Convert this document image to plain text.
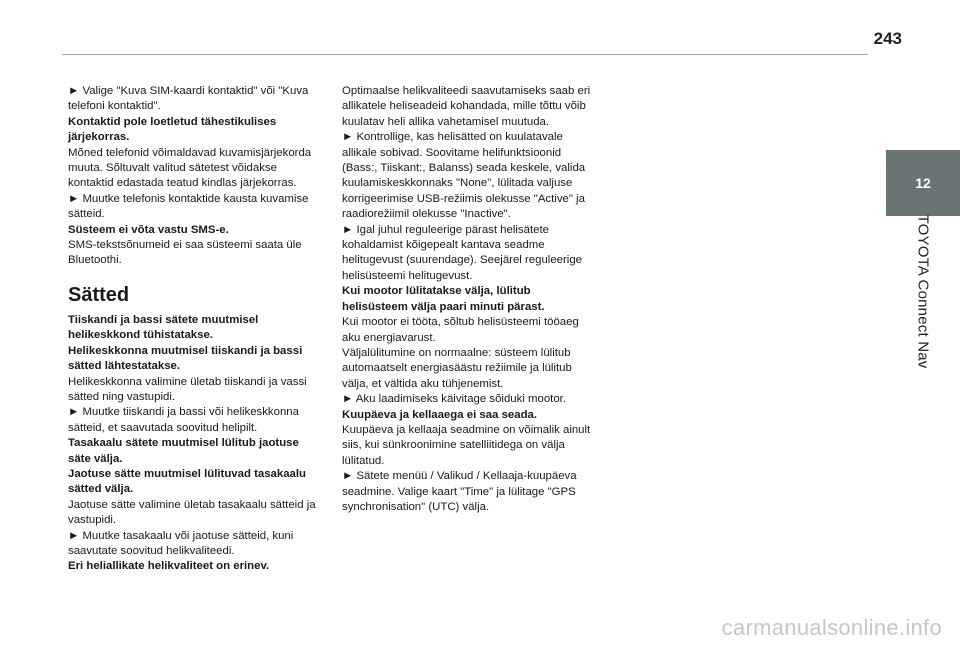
243
12
TOYOTA Connect Nav

► Valige "Kuva SIM-kaardi kontaktid" või "Kuva telefoni kontaktid".

Kontaktid pole loetletud tähestikulises järjekorras.

Mõned telefonid võimaldavad kuvamisjärjekorda muuta. Sõltuvalt valitud sätetest võidakse kontaktid edastada teatud kindlas järjekorras.

► Muutke telefonis kontaktide kausta kuvamise sätteid.

Süsteem ei võta vastu SMS-e.

SMS-tekstsõnumeid ei saa süsteemi saata üle Bluetoothi.

Sätted

Tiiskandi ja bassi sätete muutmisel helikeskkond tühistatakse.

Helikeskkonna muutmisel tiiskandi ja bassi sätted lähtestatakse.

Helikeskkonna valimine ületab tiiskandi ja vassi sätted ning vastupidi.

► Muutke tiiskandi ja bassi või helikeskkonna sätteid, et saavutada soovitud helipilt.

Tasakaalu sätete muutmisel lülitub jaotuse säte välja.

Jaotuse sätte muutmisel lülituvad tasakaalu sätted välja.

Jaotuse sätte valimine ületab tasakaalu sätteid ja vastupidi.

► Muutke tasakaalu või jaotuse sätteid, kuni saavutate soovitud helikvaliteedi.

Eri heliallikate helikvaliteet on erinev.

Optimaalse helikvaliteedi saavutamiseks saab eri allikatele heliseadeid kohandada, mille tõttu võib kuulatav heli allika vahetamisel muutuda.

► Kontrollige, kas helisätted on kuulatavale allikale sobivad. Soovitame helifunktsioonid (Bass:, Tiiskant:, Balanss) seada keskele, valida kuulamiskeskkonnaks "None", lülitada valjuse korrigeerimise USB-režiimis olekusse "Active" ja raadiorežiimil olekusse "Inactive".

► Igal juhul reguleerige pärast helisätete kohaldamist kõigepealt kantava seadme helitugevust (suurendage). Seejärel reguleerige helisüsteemi helitugevust.

Kui mootor lülitatakse välja, lülitub helisüsteem välja paari minuti pärast.

Kui mootor ei tööta, sõltub helisüsteemi tööaeg aku energiavarust.

Väljalülitumine on normaalne: süsteem lülitub automaatselt energiasäästu režiimile ja lülitub välja, et vältida aku tühjenemist.

► Aku laadimiseks käivitage sõiduki mootor.

Kuupäeva ja kellaaega ei saa seada.

Kuupäeva ja kellaaja seadmine on võimalik ainult siis, kui sünkroonimine satelliitidega on välja lülitatud.

► Sätete menüü / Valikud / Kellaaja-kuupäeva seadmine. Valige kaart "Time" ja lülitage "GPS synchronisation" (UTC) välja.

carmanualsonline.info
